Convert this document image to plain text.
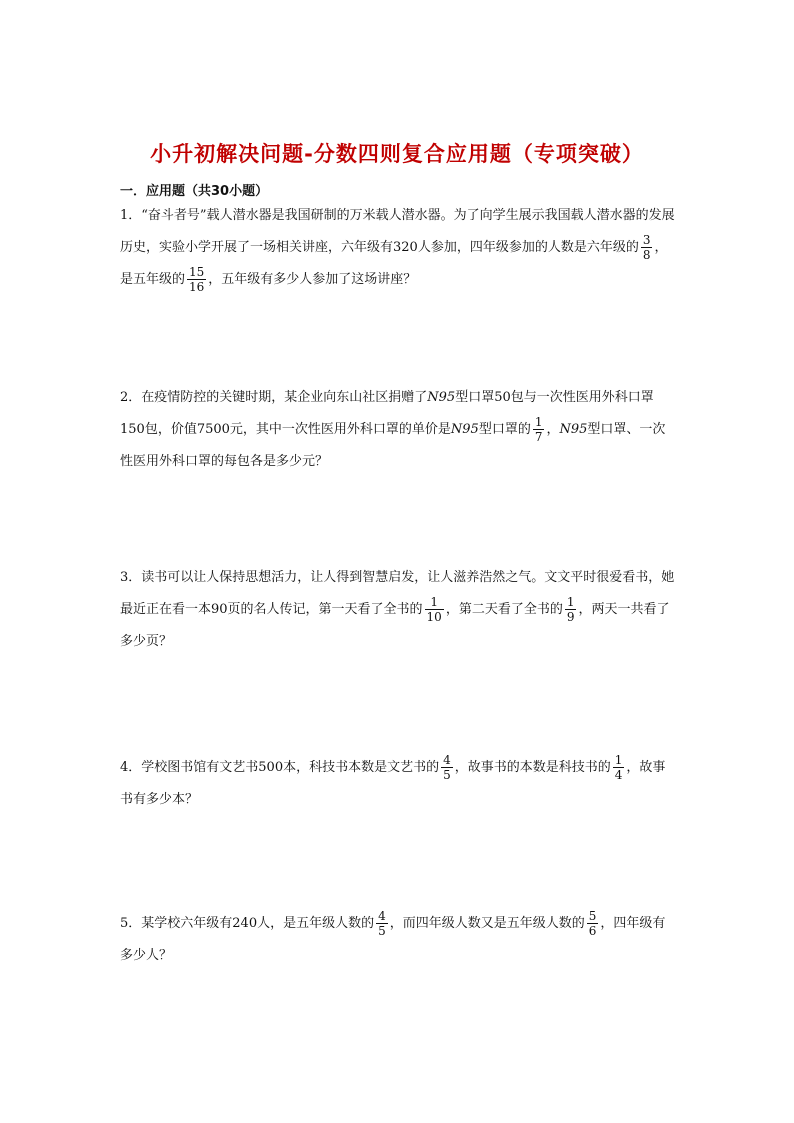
小升初解决问题-分数四则复合应用题（专项突破）
一．应用题（共30小题）
1．“奋斗者号”载人潜水器是我国研制的万米载人潜水器。为了向学生展示我国载人潜水器的发展历史，实验小学开展了一场相关讲座，六年级有320人参加，四年级参加的人数是六年级的 $\frac{3}{8}$ ，是五年级的 $\frac{15}{16}$ ，五年级有多少人参加了这场讲座？
2．在疫情防控的关键时期，某企业向东山社区捐赠了N95型口罩50包与一次性医用外科口罩150包，价值7500元，其中一次性医用外科口罩的单价是N95型口罩的 $\frac{1}{7}$ ，N95型口罩、一次性医用外科口罩的每包各是多少元？
3．读书可以让人保持思想活力，让人得到智慧启发，让人滋养浩然之气。文文平时很爱看书，她最近正在看一本90页的名人传记，第一天看了全书的 $\frac{1}{10}$ ，第二天看了全书的 $\frac{1}{9}$ ，两天一共看了多少页？
4．学校图书馆有文艺书500本，科技书本数是文艺书的 $\frac{4}{5}$ ，故事书的本数是科技书的 $\frac{1}{4}$ ，故事书有多少本？
5．某学校六年级有240人，是五年级人数的 $\frac{4}{5}$ ，而四年级人数又是五年级人数的 $\frac{5}{6}$ ，四年级有多少人？
